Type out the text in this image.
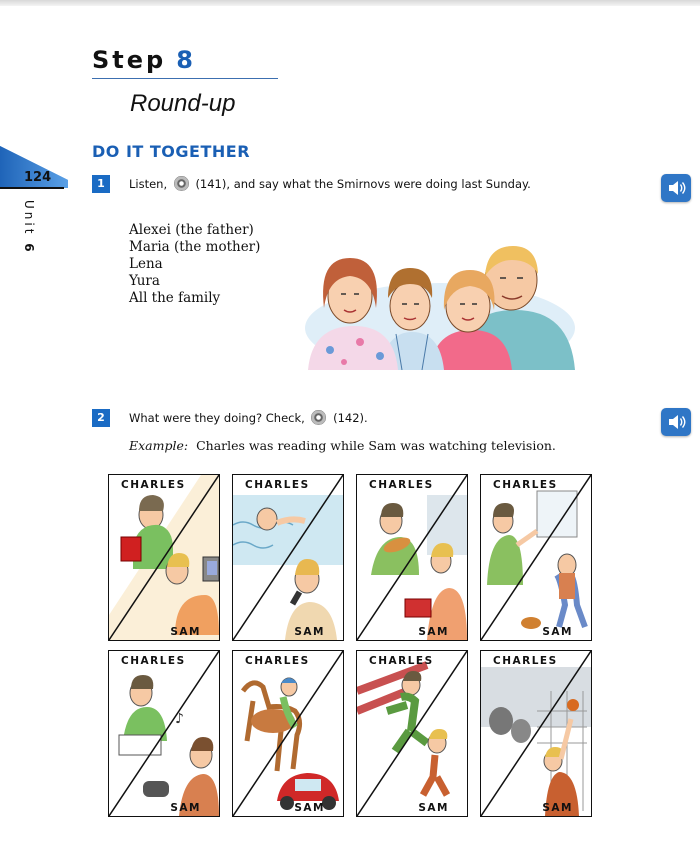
Step 8
Round-up
DO IT TOGETHER
124
Unit 6
1	Listen, (141), and say what the Smirnovs were doing last Sunday.
Alexei (the father)
Maria (the mother)
Lena
Yura
All the family
2	What were they doing? Check, (142).
Example: Charles was reading while Sam was watching television.
CHARLES
SAM
CHARLES
SAM
CHARLES
SAM
CHARLES
SAM
♪
CHARLES
SAM
CHARLES
SAM
CHARLES
SAM
CHARLES
SAM
